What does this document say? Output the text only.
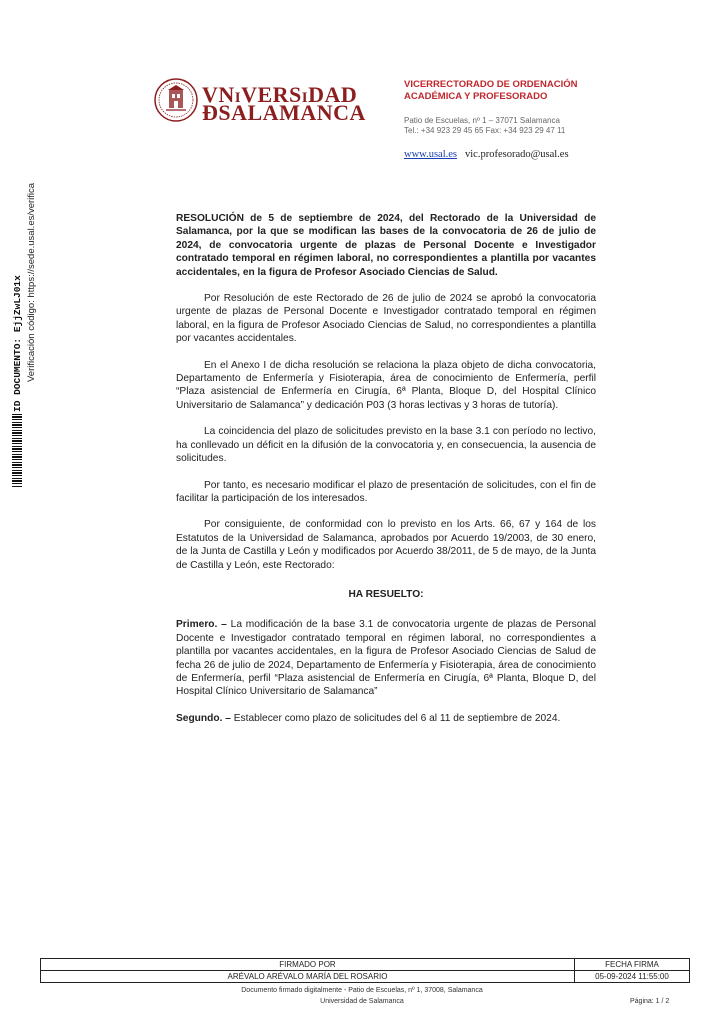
VNiVERSiDAD
ÐSALAMANCA
VICERRECTORADO DE ORDENACIÓN
ACADÉMICA Y PROFESORADO
Patio de Escuelas, nº 1 – 37071 Salamanca
Tel.: +34 923 29 45 65 Fax: +34 923 29 47 11
www.usal.es vic.profesorado@usal.es
ID DOCUMENTO: EjjZwLJ01x Verificación código: https://sede.usal.es/verifica	RESOLUCIÓN de 5 de septiembre de 2024, del Rectorado de la Universidad de Salamanca, por la que se modifican las bases de la convocatoria de 26 de julio de 2024, de convocatoria urgente de plazas de Personal Docente e Investigador contratado temporal en régimen laboral, no correspondientes a plantilla por vacantes accidentales, en la figura de Profesor Asociado Ciencias de Salud.

Por Resolución de este Rectorado de 26 de julio de 2024 se aprobó la convocatoria urgente de plazas de Personal Docente e Investigador contratado temporal en régimen laboral, en la figura de Profesor Asociado Ciencias de Salud, no correspondientes a plantilla por vacantes accidentales.

En el Anexo I de dicha resolución se relaciona la plaza objeto de dicha convocatoria, Departamento de Enfermería y Fisioterapia, área de conocimiento de Enfermería, perfil “Plaza asistencial de Enfermería en Cirugía, 6ª Planta, Bloque D, del Hospital Clínico Universitario de Salamanca” y dedicación P03 (3 horas lectivas y 3 horas de tutoría).

La coincidencia del plazo de solicitudes previsto en la base 3.1 con período no lectivo, ha conllevado un déficit en la difusión de la convocatoria y, en consecuencia, la ausencia de solicitudes.

Por tanto, es necesario modificar el plazo de presentación de solicitudes, con el fin de facilitar la participación de los interesados.

Por consiguiente, de conformidad con lo previsto en los Arts. 66, 67 y 164 de los Estatutos de la Universidad de Salamanca, aprobados por Acuerdo 19/2003, de 30 enero, de la Junta de Castilla y León y modificados por Acuerdo 38/2011, de 5 de mayo, de la Junta de Castilla y León, este Rectorado:

HA RESUELTO:

Primero. – La modificación de la base 3.1 de convocatoria urgente de plazas de Personal Docente e Investigador contratado temporal en régimen laboral, no correspondientes a plantilla por vacantes accidentales, en la figura de Profesor Asociado Ciencias de Salud de fecha 26 de julio de 2024, Departamento de Enfermería y Fisioterapia, área de conocimiento de Enfermería, perfil “Plaza asistencial de Enfermería en Cirugía, 6ª Planta, Bloque D, del Hospital Clínico Universitario de Salamanca”

Segundo. – Establecer como plazo de solicitudes del 6 al 11 de septiembre de 2024.

FIRMADO POR	FECHA FIRMA
ARÉVALO ARÉVALO MARÍA DEL ROSARIO	05-09-2024 11:55:00
Documento firmado digitalmente - Patio de Escuelas, nº 1, 37008, Salamanca
Universidad de Salamanca	Página: 1 / 2
